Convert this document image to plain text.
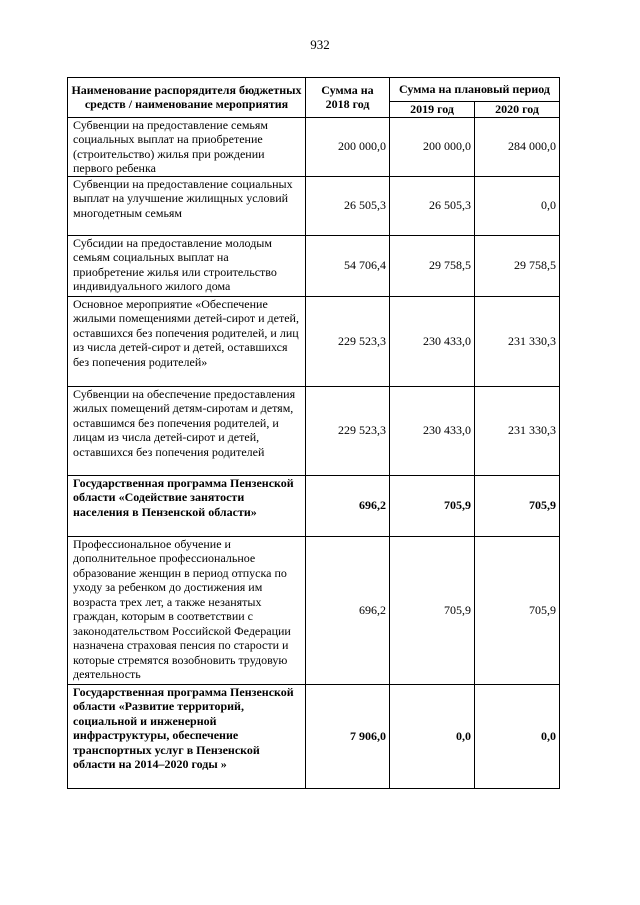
932
Наименование распорядителя бюджетных средств / наименование мероприятия	Сумма на 2018 год	Сумма на плановый период	
		2019 год	2020 год
Субвенции на предоставление семьям социальных выплат на приобретение (строительство) жилья при рождении первого ребенка	200 000,0	200 000,0	284 000,0
Субвенции на предоставление социальных выплат на улучшение жилищных условий многодетным семьям	26 505,3	26 505,3	0,0
Субсидии на предоставление молодым семьям социальных выплат на приобретение жилья или строительство индивидуального жилого дома	54 706,4	29 758,5	29 758,5
Основное мероприятие «Обеспечение жилыми помещениями детей-сирот и детей, оставшихся без попечения родителей, и лиц из числа детей-сирот и детей, оставшихся без попечения родителей»	229 523,3	230 433,0	231 330,3
Субвенции на обеспечение предоставления жилых помещений детям-сиротам и детям, оставшимся без попечения родителей, и лицам из числа детей-сирот и детей, оставшихся без попечения родителей	229 523,3	230 433,0	231 330,3
Государственная программа Пензенской области «Содействие занятости населения в Пензенской области»	696,2	705,9	705,9
Профессиональное обучение и дополнительное профессиональное образование женщин в период отпуска по уходу за ребенком до достижения им возраста трех лет, а также незанятых граждан, которым в соответствии с законодательством Российской Федерации назначена страховая пенсия по старости и которые стремятся возобновить трудовую деятельность	696,2	705,9	705,9
Государственная программа Пензенской области «Развитие территорий, социальной и инженерной инфраструктуры, обеспечение транспортных услуг в Пензенской области на 2014–2020 годы »	7 906,0	0,0	0,0
